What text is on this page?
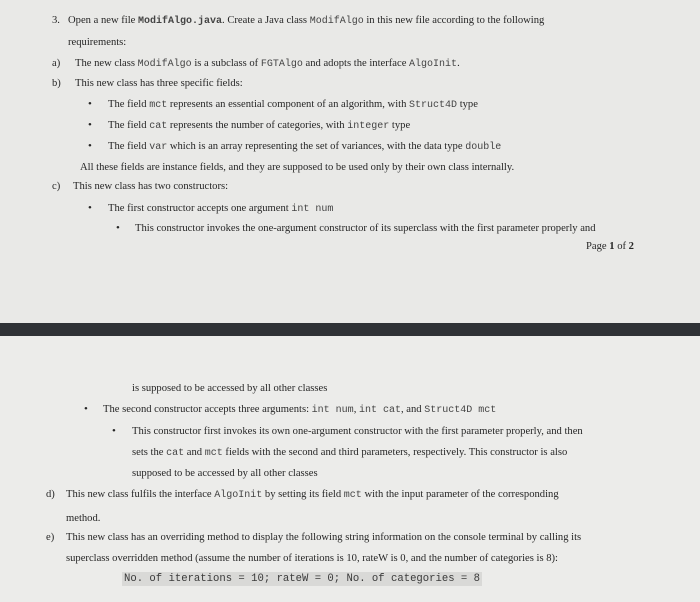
3. Open a new file ModifAlgo.java. Create a Java class ModifAlgo in this new file according to the following
requirements:
a) The new class ModifAlgo is a subclass of FGTAlgo and adopts the interface AlgoInit.
b) This new class has three specific fields:
• The field mct represents an essential component of an algorithm, with Struct4D type
• The field cat represents the number of categories, with integer type
• The field var which is an array representing the set of variances, with the data type double
All these fields are instance fields, and they are supposed to be used only by their own class internally.
c) This new class has two constructors:
• The first constructor accepts one argument int num
• This constructor invokes the one-argument constructor of its superclass with the first parameter properly and
Page 1 of 2
is supposed to be accessed by all other classes
• The second constructor accepts three arguments: int num, int cat, and Struct4D mct
• This constructor first invokes its own one-argument constructor with the first parameter properly, and then
sets the cat and mct fields with the second and third parameters, respectively. This constructor is also
supposed to be accessed by all other classes
d) This new class fulfils the interface AlgoInit by setting its field mct with the input parameter of the corresponding
method.
e) This new class has an overriding method to display the following string information on the console terminal by calling its
superclass overridden method (assume the number of iterations is 10, rateW is 0, and the number of categories is 8):
No. of iterations = 10; rateW = 0; No. of categories = 8
